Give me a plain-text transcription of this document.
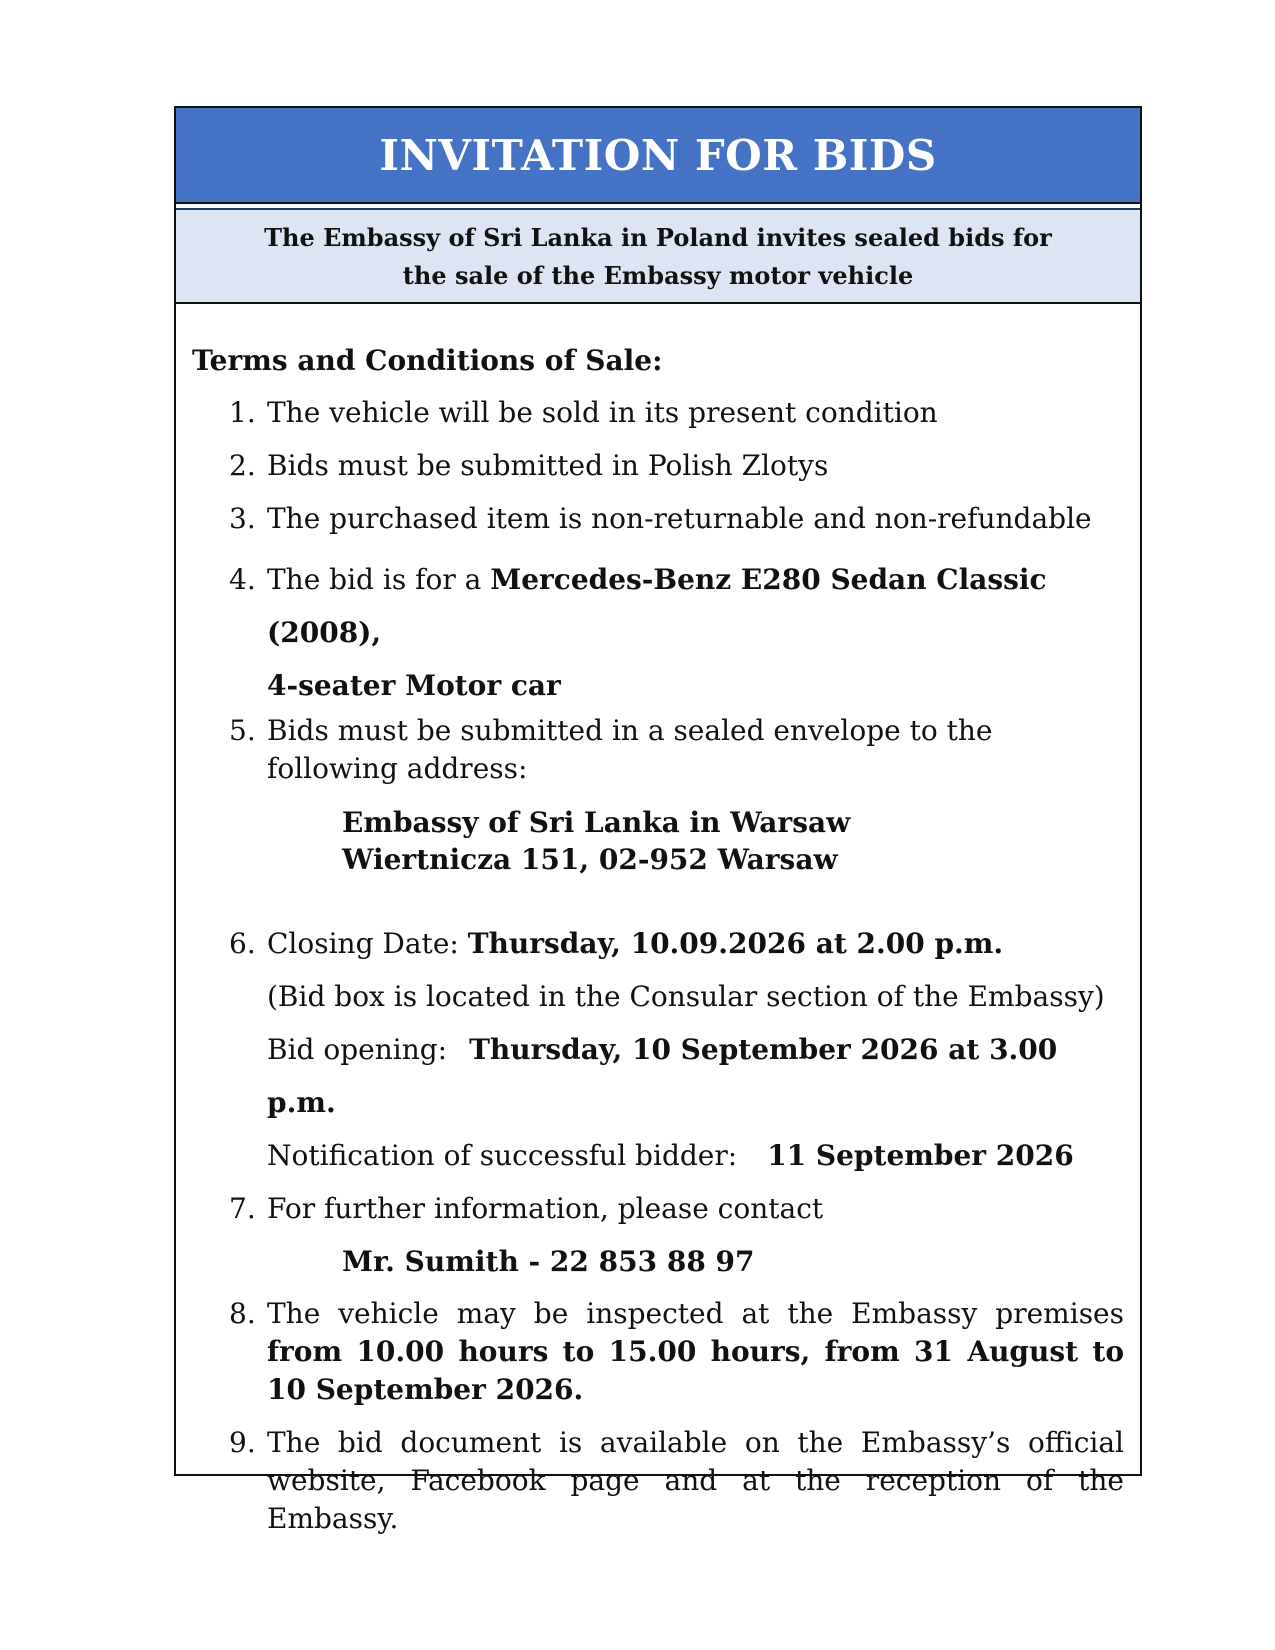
INVITATION FOR BIDS
The Embassy of Sri Lanka in Poland invites sealed bids for
the sale of the Embassy motor vehicle
Terms and Conditions of Sale:
1. The vehicle will be sold in its present condition
2. Bids must be submitted in Polish Zlotys
3. The purchased item is non-returnable and non-refundable
4. The bid is for a Mercedes-Benz E280 Sedan Classic (2008),
4-seater Motor car
5. Bids must be submitted in a sealed envelope to the following address:
Embassy of Sri Lanka in Warsaw
Wiertnicza 151, 02-952 Warsaw
6. Closing Date: Thursday, 10.09.2026 at 2.00 p.m.
(Bid box is located in the Consular section of the Embassy)
Bid opening: Thursday, 10 September 2026 at 3.00 p.m.
Notification of successful bidder: 11 September 2026
7. For further information, please contact
Mr. Sumith - 22 853 88 97
8. The vehicle may be inspected at the Embassy premises from 10.00 hours to 15.00 hours, from 31 August to 10 September 2026.
9. The bid document is available on the Embassy’s official website, Facebook page and at the reception of the Embassy.
